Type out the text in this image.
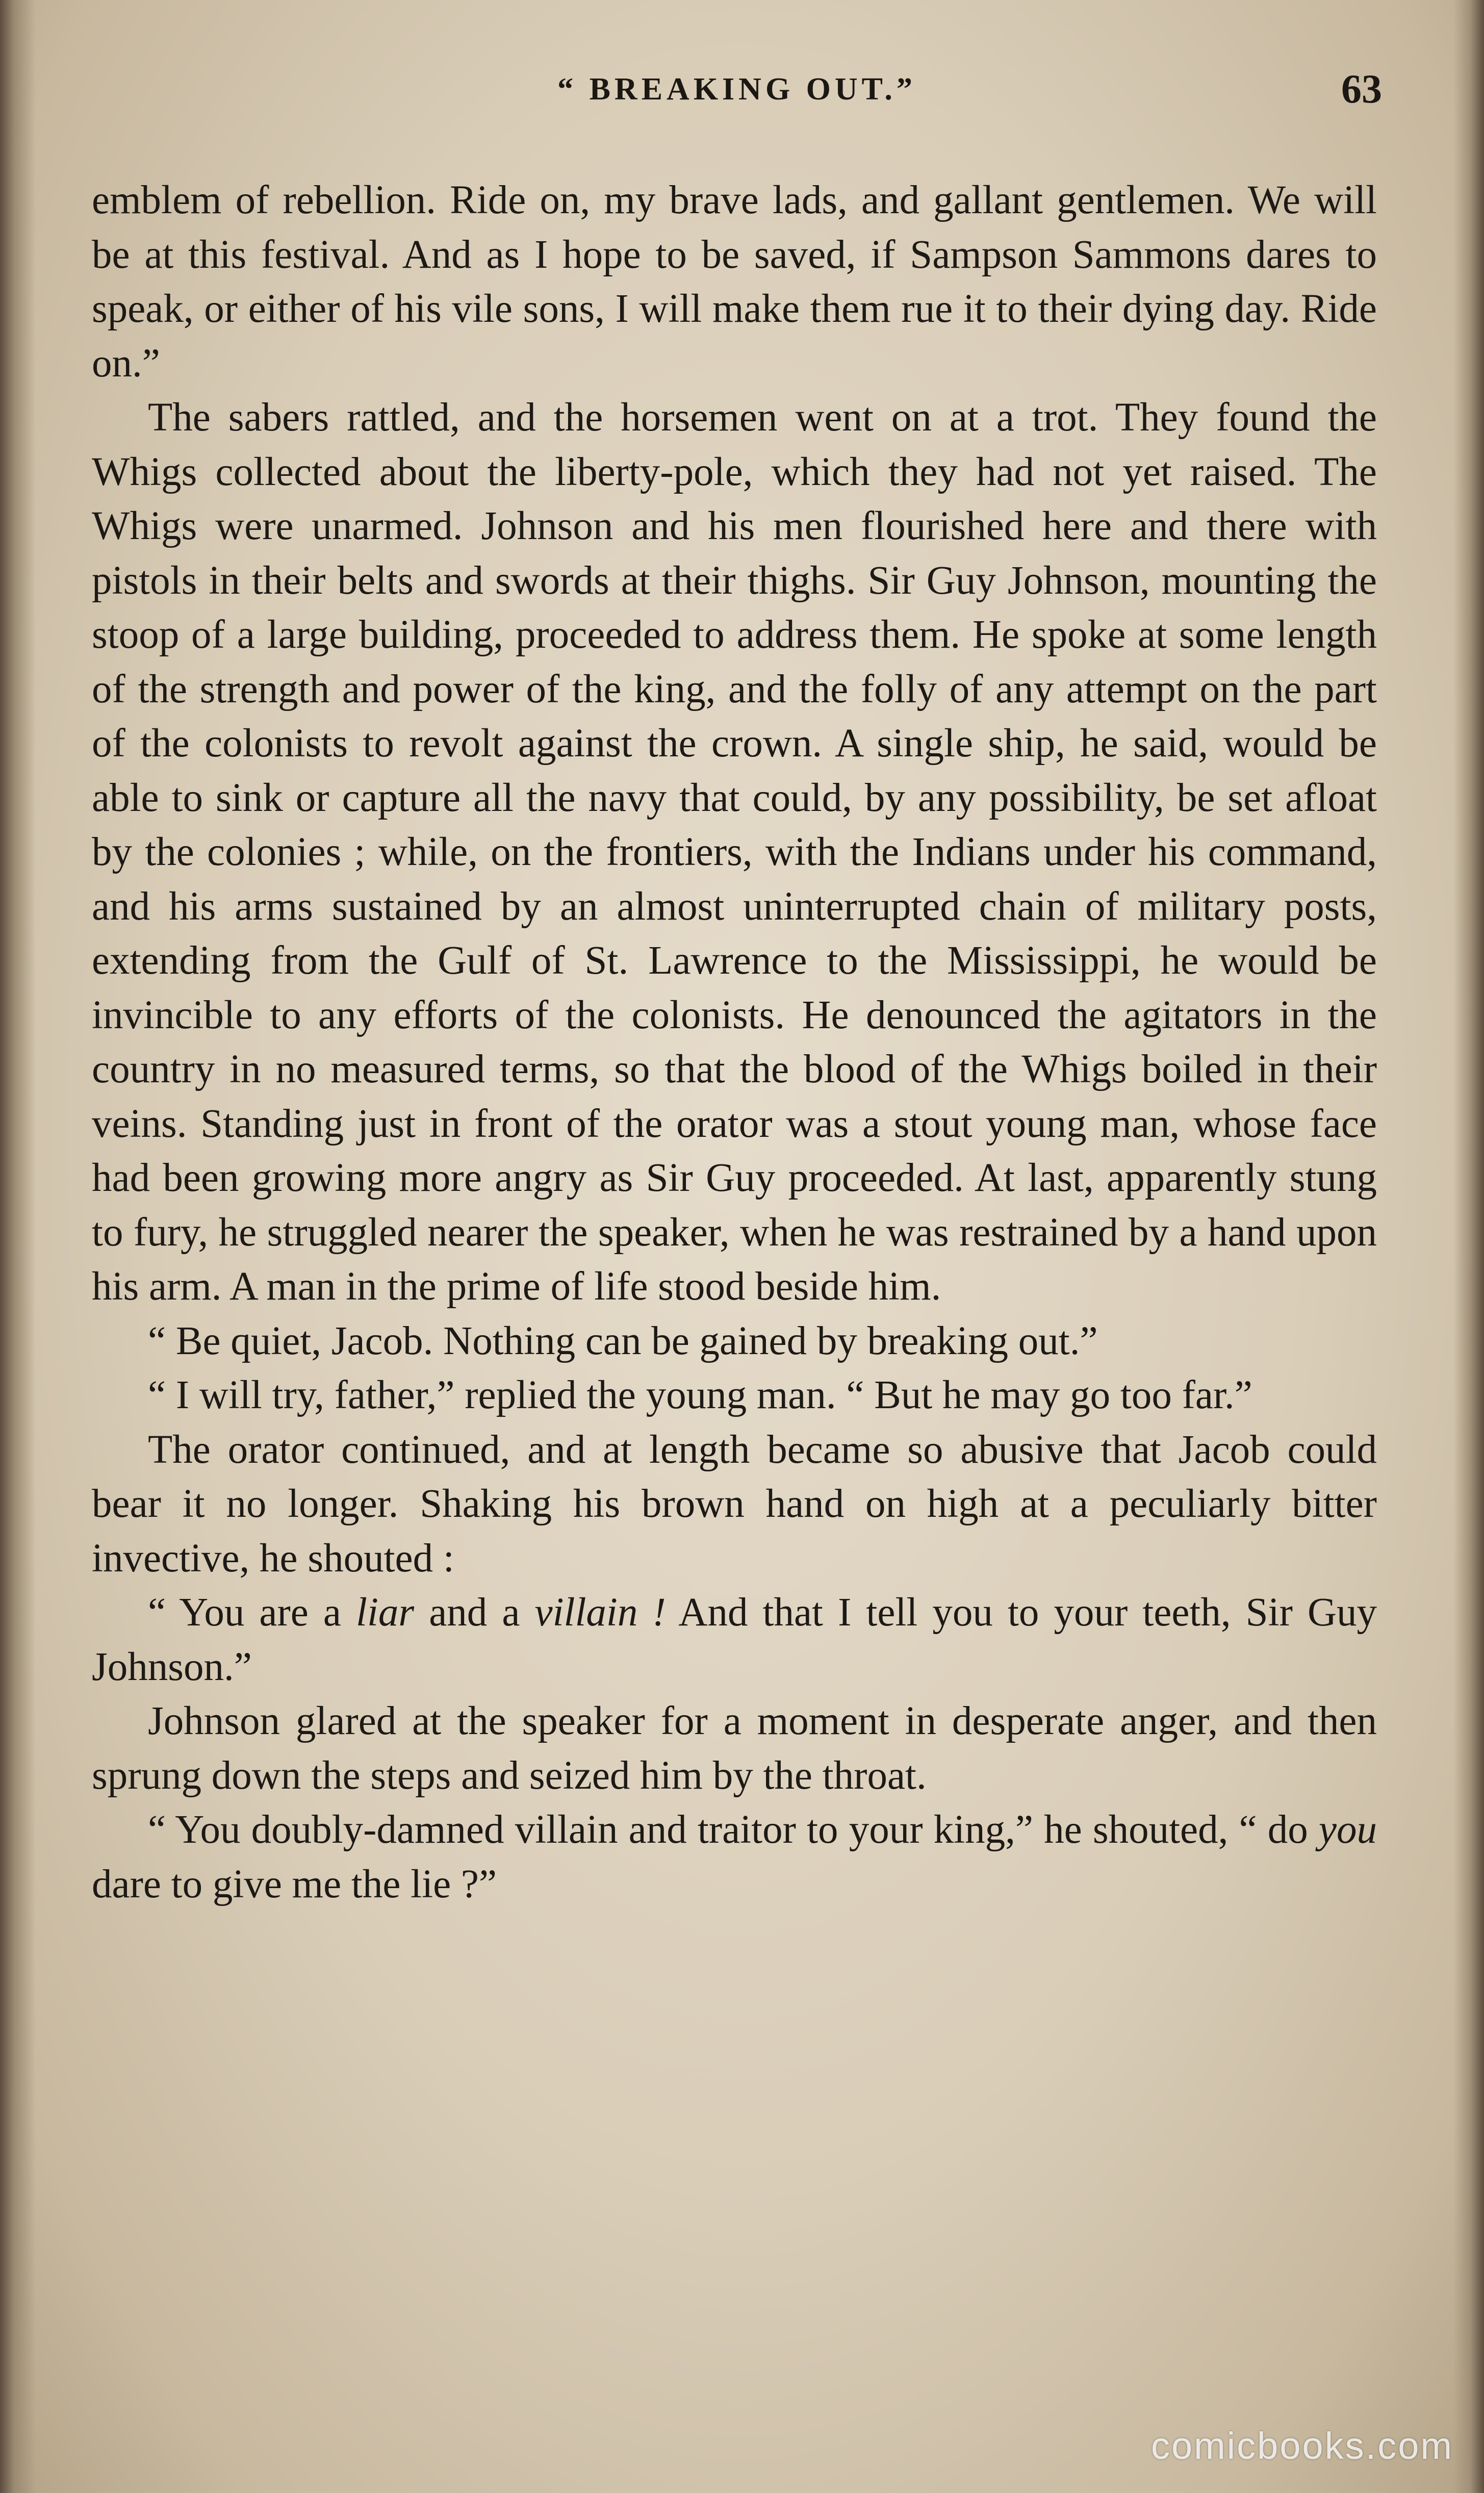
“ BREAKING OUT.”	63

emblem of rebellion. Ride on, my brave lads, and gallant gentlemen. We will be at this festival. And as I hope to be saved, if Sampson Sammons dares to speak, or either of his vile sons, I will make them rue it to their dying day. Ride on.”

The sabers rattled, and the horsemen went on at a trot. They found the Whigs collected about the liberty-pole, which they had not yet raised. The Whigs were unarmed. Johnson and his men flourished here and there with pistols in their belts and swords at their thighs. Sir Guy Johnson, mounting the stoop of a large building, proceeded to address them. He spoke at some length of the strength and power of the king, and the folly of any attempt on the part of the colonists to revolt against the crown. A single ship, he said, would be able to sink or capture all the navy that could, by any possibility, be set afloat by the colonies ; while, on the frontiers, with the Indians under his command, and his arms sustained by an almost uninterrupted chain of military posts, extending from the Gulf of St. Lawrence to the Mississippi, he would be invincible to any efforts of the colonists. He denounced the agitators in the country in no measured terms, so that the blood of the Whigs boiled in their veins. Standing just in front of the orator was a stout young man, whose face had been growing more angry as Sir Guy proceeded. At last, apparently stung to fury, he struggled nearer the speaker, when he was restrained by a hand upon his arm. A man in the prime of life stood beside him.

“ Be quiet, Jacob. Nothing can be gained by breaking out.”

“ I will try, father,” replied the young man. “ But he may go too far.”

The orator continued, and at length became so abusive that Jacob could bear it no longer. Shaking his brown hand on high at a peculiarly bitter invective, he shouted :

“ You are a liar and a villain ! And that I tell you to your teeth, Sir Guy Johnson.”

Johnson glared at the speaker for a moment in desperate anger, and then sprung down the steps and seized him by the throat.

“ You doubly-damned villain and traitor to your king,” he shouted, “ do you dare to give me the lie ?”

comicbooks.com
